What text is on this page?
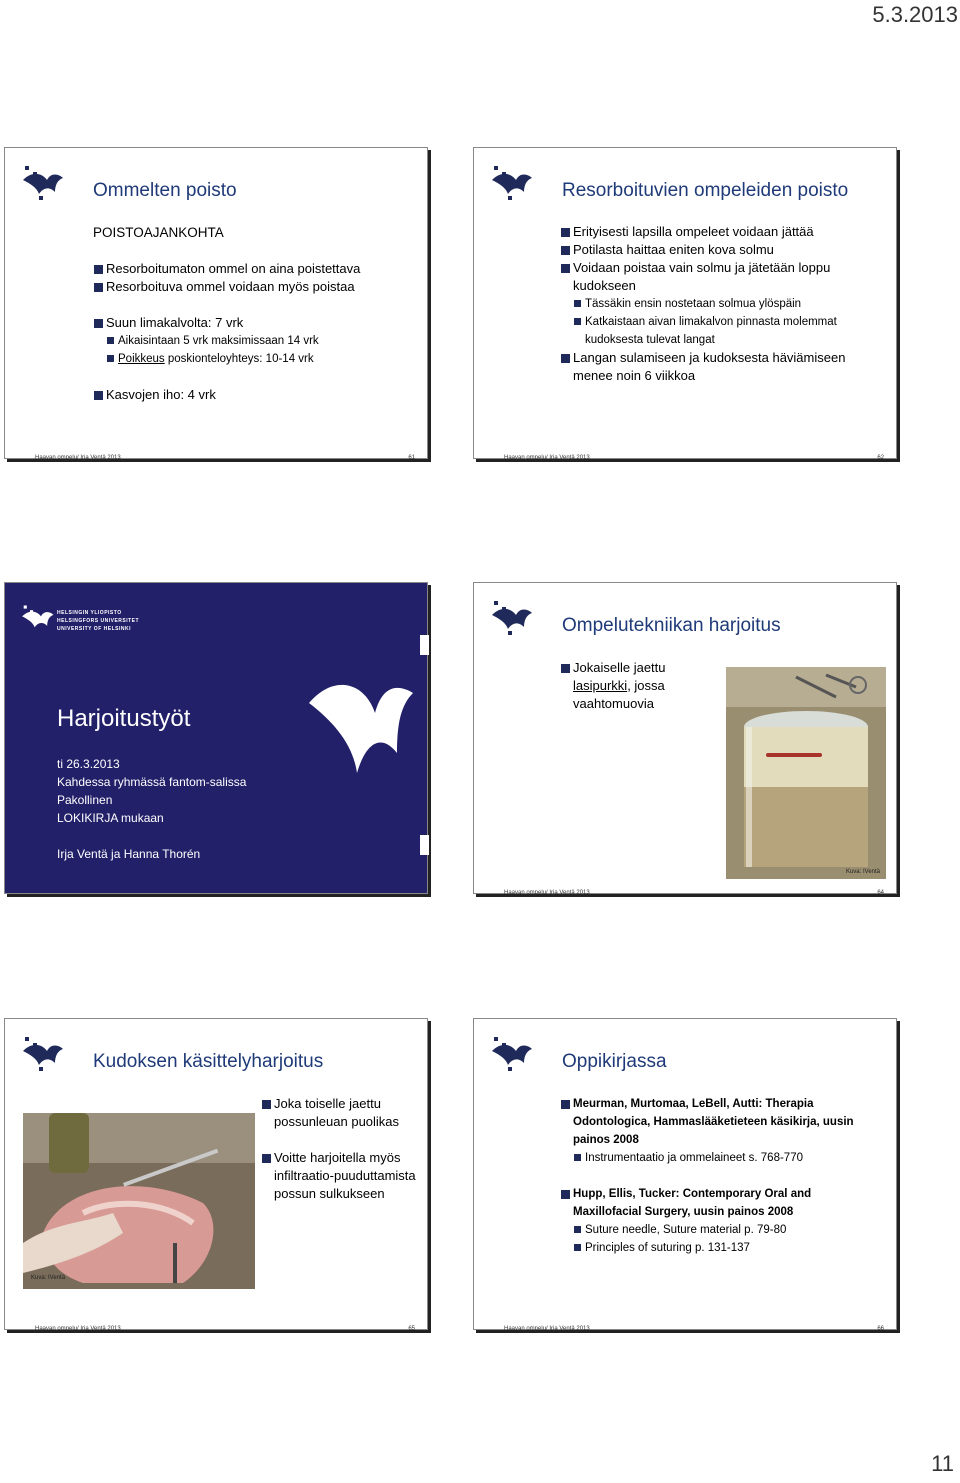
5.3.2013
Ommelten poisto
POISTOAJANKOHTA
Resorboitumaton ommel on aina poistettava
Resorboituva ommel voidaan myös poistaa
Suun limakalvolta: 7 vrk
Aikaisintaan 5 vrk maksimissaan 14 vrk
Poikkeus poskionteloyhteys: 10-14 vrk
Kasvojen iho: 4 vrk
Haavan ompelu/ Irja Ventä 2013	61
Resorboituvien ompeleiden poisto
Erityisesti lapsilla ompeleet voidaan jättää
Potilasta haittaa eniten kova solmu
Voidaan poistaa vain solmu ja jätetään loppu kudokseen
Tässäkin ensin nostetaan solmua ylöspäin
Katkaistaan aivan limakalvon pinnasta molemmat kudoksesta tulevat langat
Langan sulamiseen ja kudoksesta häviämiseen menee noin 6 viikkoa
Haavan ompelu/ Irja Ventä 2013	62
HELSINGIN YLIOPISTO
HELSINGFORS UNIVERSITET
UNIVERSITY OF HELSINKI
Harjoitustyöt
ti 26.3.2013
Kahdessa ryhmässä fantom-salissa
Pakollinen
LOKIKIRJA mukaan
Irja Ventä ja Hanna Thorén
Ompelutekniikan harjoitus
Jokaiselle jaettu lasipurkki, jossa vaahtomuovia
Kuva: IVentä
Haavan ompelu/ Irja Ventä 2013	64
Kudoksen käsittelyharjoitus
Kuva: IVentä
Joka toiselle jaettu possunleuan puolikas
Voitte harjoitella myös infiltraatio-puuduttamista possun sulkukseen
Haavan ompelu/ Irja Ventä 2013	65
Oppikirjassa
Meurman, Murtomaa, LeBell, Autti: Therapia Odontologica, Hammaslääketieteen käsikirja, uusin painos 2008
Instrumentaatio ja ommelaineet s. 768-770
Hupp, Ellis, Tucker: Contemporary Oral and Maxillofacial Surgery, uusin painos 2008
Suture needle, Suture material p. 79-80
Principles of suturing p. 131-137
Haavan ompelu/ Irja Ventä 2013	66
11
